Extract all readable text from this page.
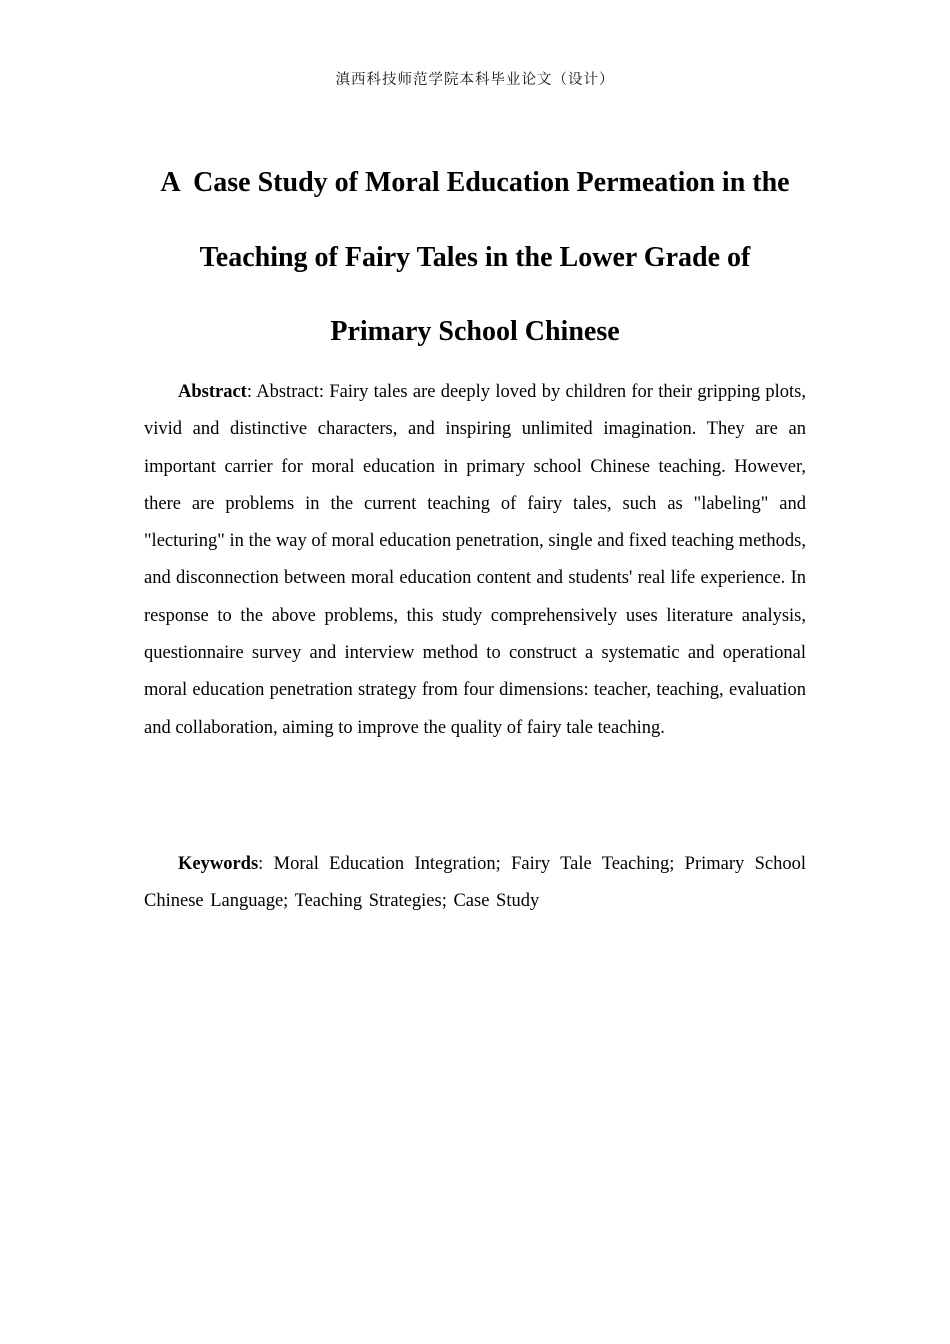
滇西科技师范学院本科毕业论文（设计）
A  Case Study of Moral Education Permeation in the
Teaching of Fairy Tales in the Lower Grade of
Primary School Chinese

Abstract: Abstract: Fairy tales are deeply loved by children for their gripping plots, vivid and distinctive characters, and inspiring unlimited imagination. They are an important carrier for moral education in primary school Chinese teaching. However, there are problems in the current teaching of fairy tales, such as "labeling" and "lecturing" in the way of moral education penetration, single and fixed teaching methods, and disconnection between moral education content and students' real life experience. In response to the above problems, this study comprehensively uses literature analysis, questionnaire survey and interview method to construct a systematic and operational moral education penetration strategy from four dimensions: teacher, teaching, evaluation and collaboration, aiming to improve the quality of fairy tale teaching.

Keywords: Moral Education Integration; Fairy Tale Teaching; Primary School Chinese Language; Teaching Strategies; Case Study
